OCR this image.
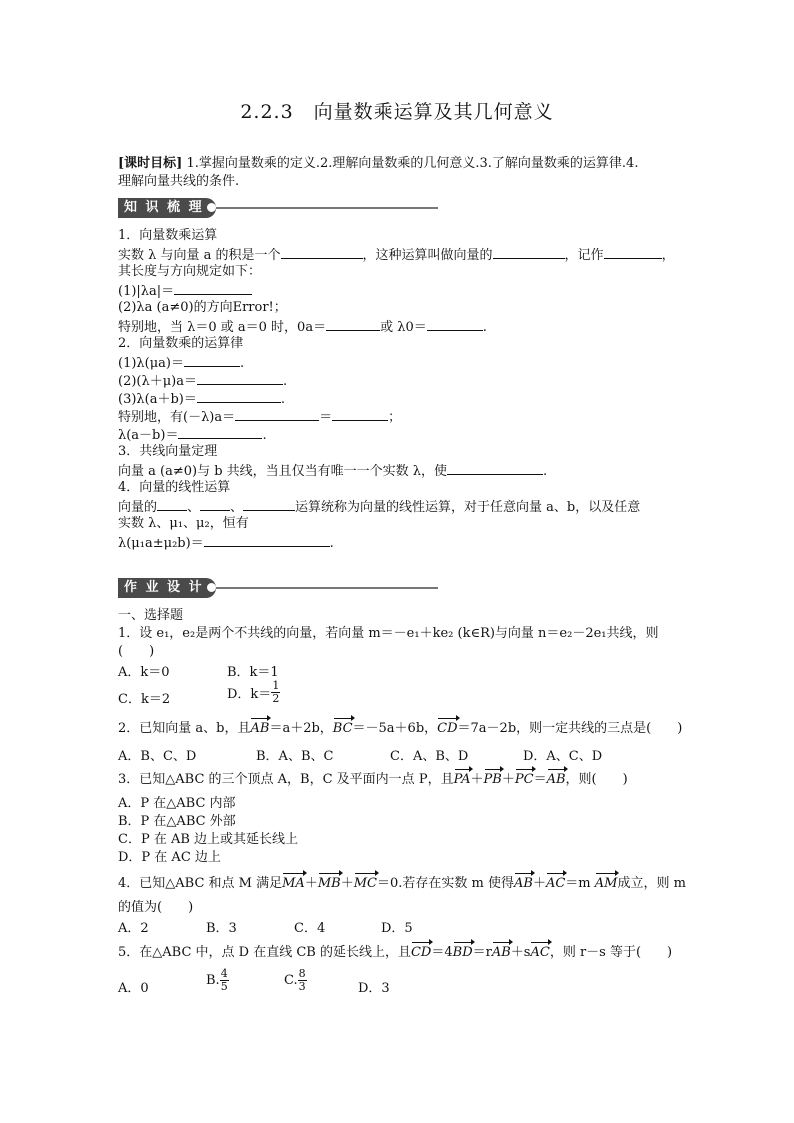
2.2.3　向量数乘运算及其几何意义
[课时目标] 1.掌握向量数乘的定义.2.理解向量数乘的几何意义.3.了解向量数乘的运算律.4.
理解向量共线的条件.
知 识 梳 理
1．向量数乘运算
实数 λ 与向量 a 的积是一个	，这种运算叫做向量的	，记作	，
其长度与方向规定如下：
(1)|λa|＝
(2)λa (a≠0)的方向Error!；
特别地，当 λ＝0 或 a＝0 时，0a＝	或 λ0＝	.
2．向量数乘的运算律
(1)λ(μa)＝	.
(2)(λ＋μ)a＝	.
(3)λ(a＋b)＝	.
特别地，有(－λ)a＝	＝	；
λ(a－b)＝	.
3．共线向量定理
向量 a (a≠0)与 b 共线，当且仅当有唯一一个实数 λ，使	.
4．向量的线性运算
向量的 、 、	运算统称为向量的线性运算，对于任意向量 a、b，以及任意
实数 λ、μ₁、μ₂，恒有
λ(μ₁a±μ₂b)＝	.
作 业 设 计
一、选择题
1．设 e₁，e₂是两个不共线的向量，若向量 m＝－e₁＋ke₂ (k∈R)与向量 n＝e₂－2e₁共线，则
(　　)
A．k＝0	B．k＝1
C．k＝2	D．$k= \frac{1}{2}$
2．已知向量 a、b，且AB＝a＋2b，BC＝－5a＋6b，CD＝7a－2b，则一定共线的三点是(　　)
A．B、C、D	B．A、B、C	C．A、B、D	D．A、C、D
3．已知△ABC 的三个顶点 A，B，C 及平面内一点 P，且PA＋PB＋PC＝AB，则(　　)
A．P 在△ABC 内部
B．P 在△ABC 外部
C．P 在 AB 边上或其延长线上
D．P 在 AC 边上
4．已知△ABC 和点 M 满足MA＋MB＋MC＝0.若存在实数 m 使得AB＋AC＝m AM成立，则 m
的值为(　　)
A．2	B．3	C．4	D．5
5．在△ABC 中，点 D 在直线 CB 的延长线上，且CD＝4BD＝rAB＋sAC，则 r－s 等于(　　)
A．0
B. $\frac{4}{5}$	C. $\frac{8}{3}$	D．3
